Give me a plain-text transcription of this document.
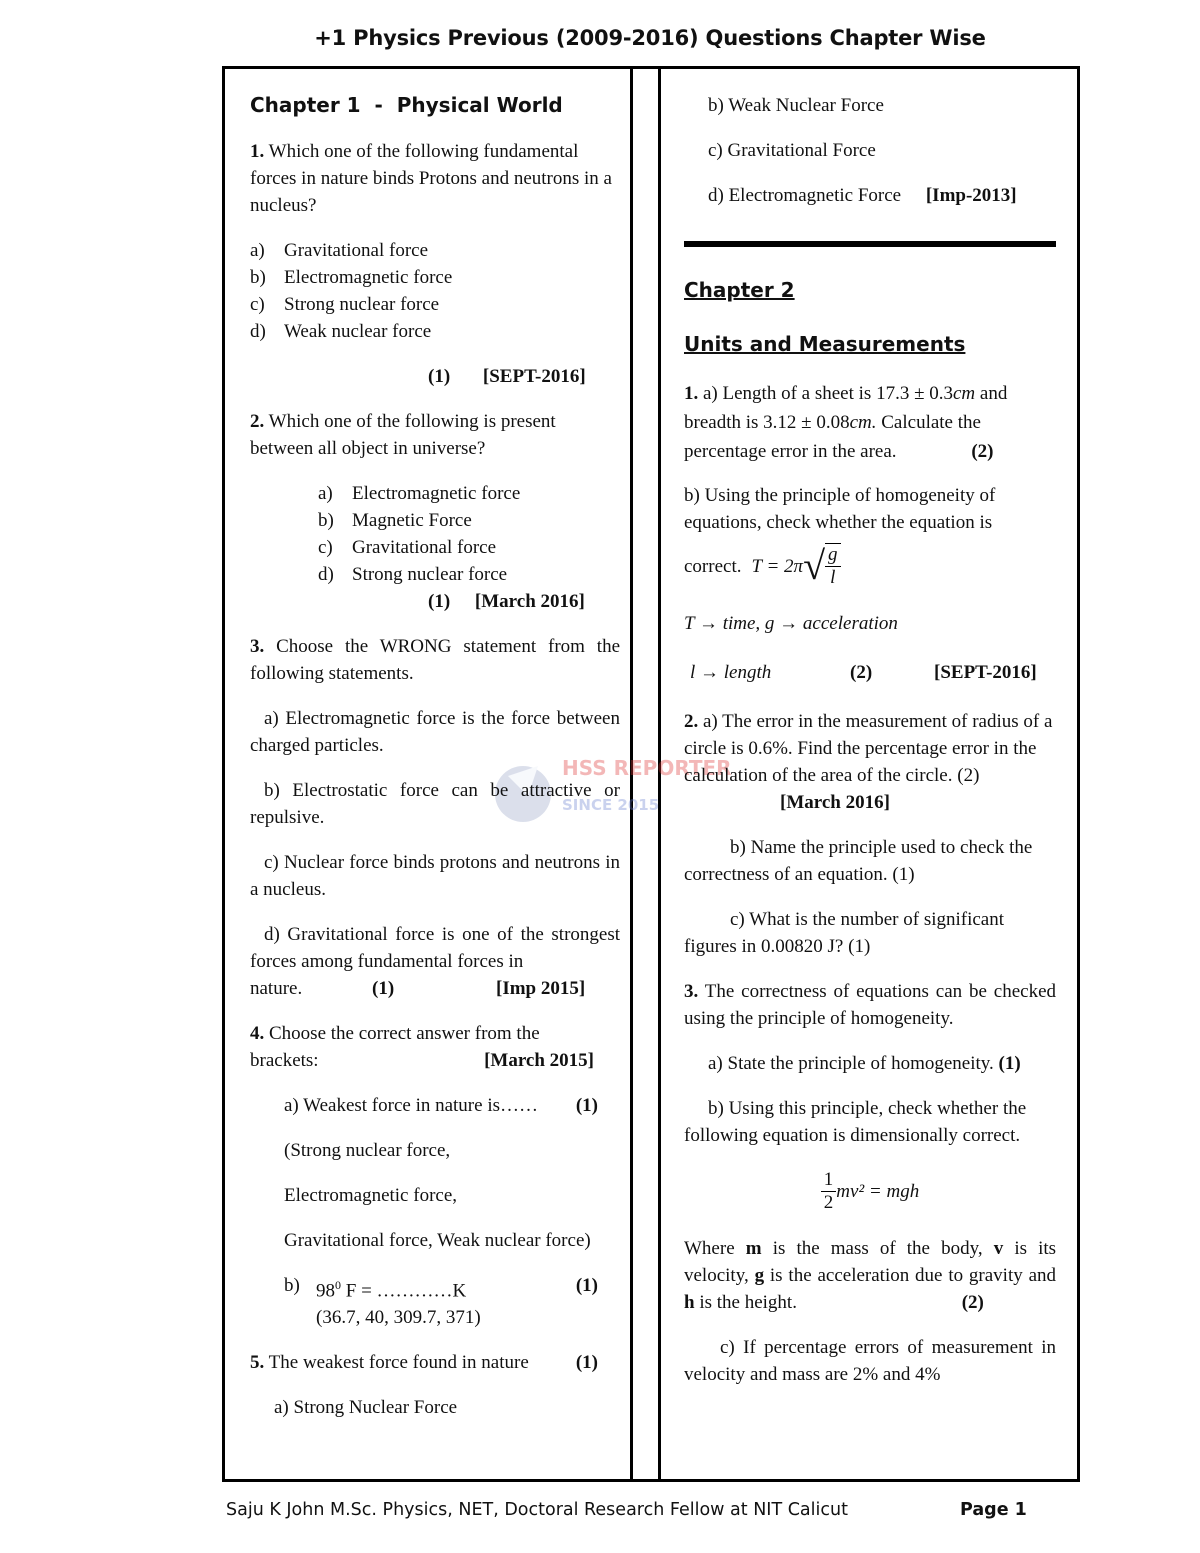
+1 Physics Previous (2009-2016) Questions Chapter Wise
HSS REPORTER
SINCE 2015
Chapter 1  -  Physical World

1. Which one of the following fundamental forces in nature binds Protons and neutrons in a nucleus?

a)	Gravitational force
b) Electromagnetic force
c)	Strong nuclear force
d) Weak nuclear force
(1) [SEPT-2016]

2. Which one of the following is present between all object in universe?

a)	Electromagnetic force
b) Magnetic Force
c)	Gravitational force
d) Strong nuclear force
(1) [March 2016]

3. Choose the WRONG statement from the following statements.

a) Electromagnetic force is the force between charged particles.

b) Electrostatic force can be attractive or repulsive.

c) Nuclear force binds protons and neutrons in a nucleus.

d) Gravitational force is one of the strongest forces among fundamental forces in

nature.	(1)	[Imp 2015]

4. Choose the correct answer from the

brackets:	[March 2015]
a) Weakest force in nature is…… (1)

(Strong nuclear force,

Electromagnetic force,

Gravitational force, Weak nuclear force)

b) $98^0$ F = …………K	(1)

(36.7, 40, 309.7, 371)

5. The weakest force found in nature (1)

a) Strong Nuclear Force

b) Weak Nuclear Force

c) Gravitational Force

d) Electromagnetic Force [Imp-2013]
Chapter 2
Units and Measurements

1. a) Length of a sheet is 17.3 ± 0.3cm and breadth is 3.12 ± 0.08cm. Calculate the percentage error in the area.	(2)

b) Using the principle of homogeneity of equations, check whether the equation is

correct. T = 2π √ $\frac{g}{l}$

T → time, g → acceleration

l → length	(2)	[SEPT-2016]

2. a) The error in the measurement of radius of a circle is 0.6%. Find the percentage error in the calculation of the area of the circle. (2) [March 2016]

b) Name the principle used to check the correctness of an equation. (1)

c) What is the number of significant figures in 0.00820 J? (1)

3. The correctness of equations can be checked using the principle of homogeneity.

a) State the principle of homogeneity. (1)

b) Using this principle, check whether the following equation is dimensionally correct.

$\frac{1}{2} mv^2$ = mgh

Where m is the mass of the body, v is its velocity, g is the acceleration due to gravity and h is the height.	(2)

c) If percentage errors of measurement in velocity and mass are 2% and 4%

Saju K John M.Sc. Physics, NET, Doctoral Research Fellow at NIT Calicut	Page 1
